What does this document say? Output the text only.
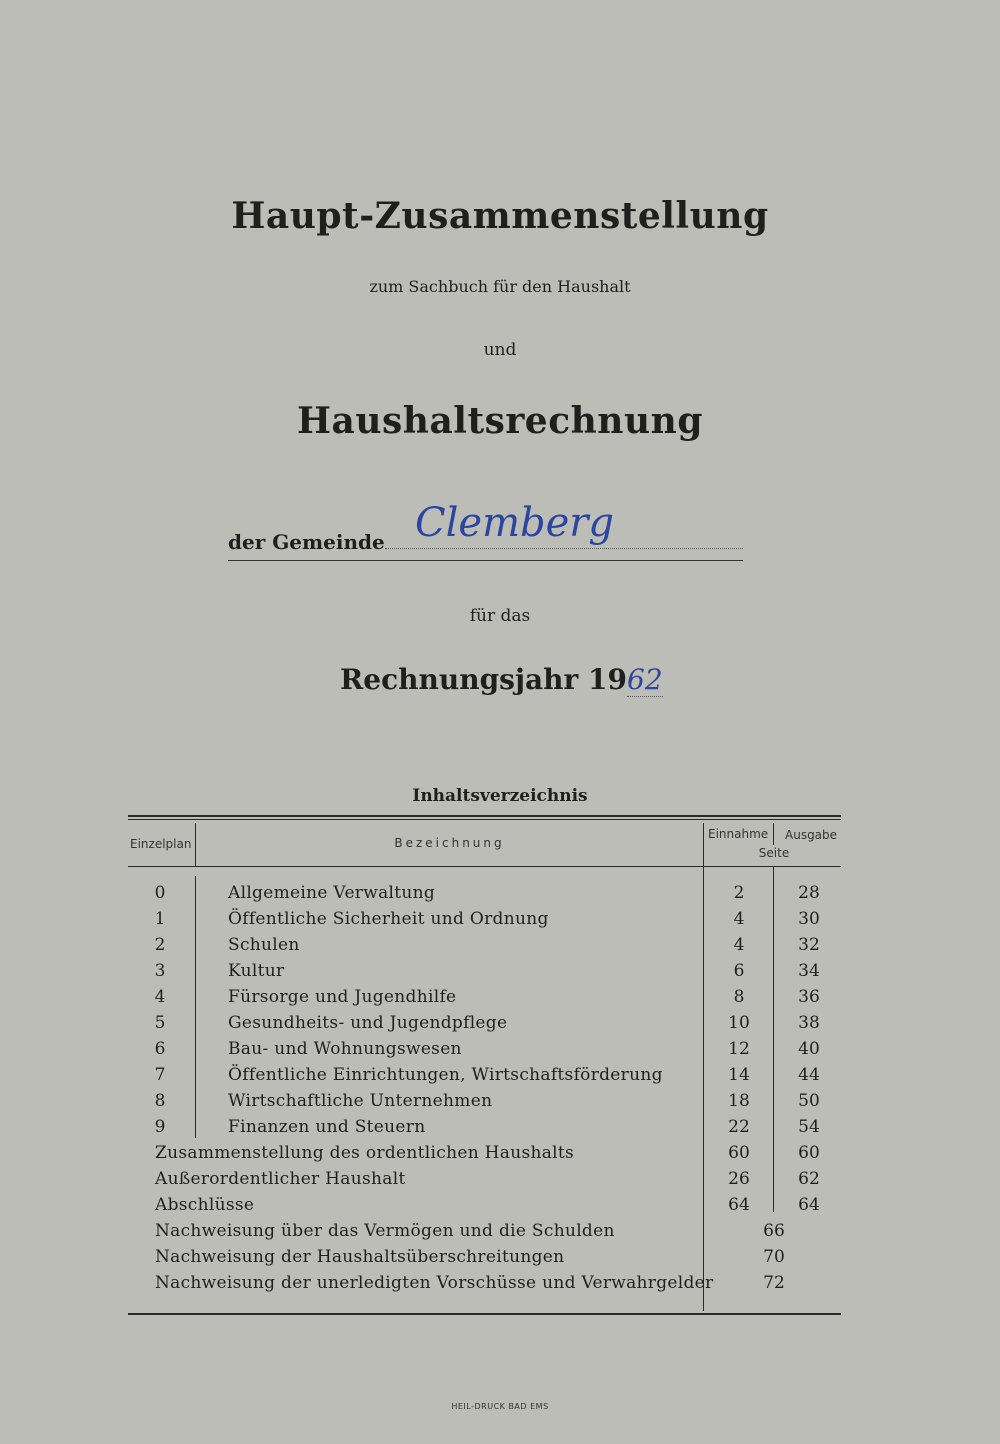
Haupt-Zusammenstellung
zum Sachbuch für den Haushalt
und
Haushaltsrechnung
der Gemeinde Clemberg
für das
Rechnungsjahr 1962
Inhaltsverzeichnis
Einzelplan	Bezeichnung
Einnahme Ausgabe
Seite
0	Allgemeine Verwaltung	2	28
1	Öffentliche Sicherheit und Ordnung	4	30
2	Schulen	4	32
3	Kultur	6	34
4	Fürsorge und Jugendhilfe	8	36
5	Gesundheits- und Jugendpflege	10	38
6	Bau- und Wohnungswesen	12	40
7	Öffentliche Einrichtungen, Wirtschaftsförderung	14	44
8	Wirtschaftliche Unternehmen	18	50
9	Finanzen und Steuern	22	54
Zusammenstellung des ordentlichen Haushalts	60	60
Außerordentlicher Haushalt	26	62
Abschlüsse	64	64
Nachweisung über das Vermögen und die Schulden	66
Nachweisung der Haushaltsüberschreitungen	70
Nachweisung der unerledigten Vorschüsse und Verwahrgelder	72
HEIL-DRUCK BAD EMS
